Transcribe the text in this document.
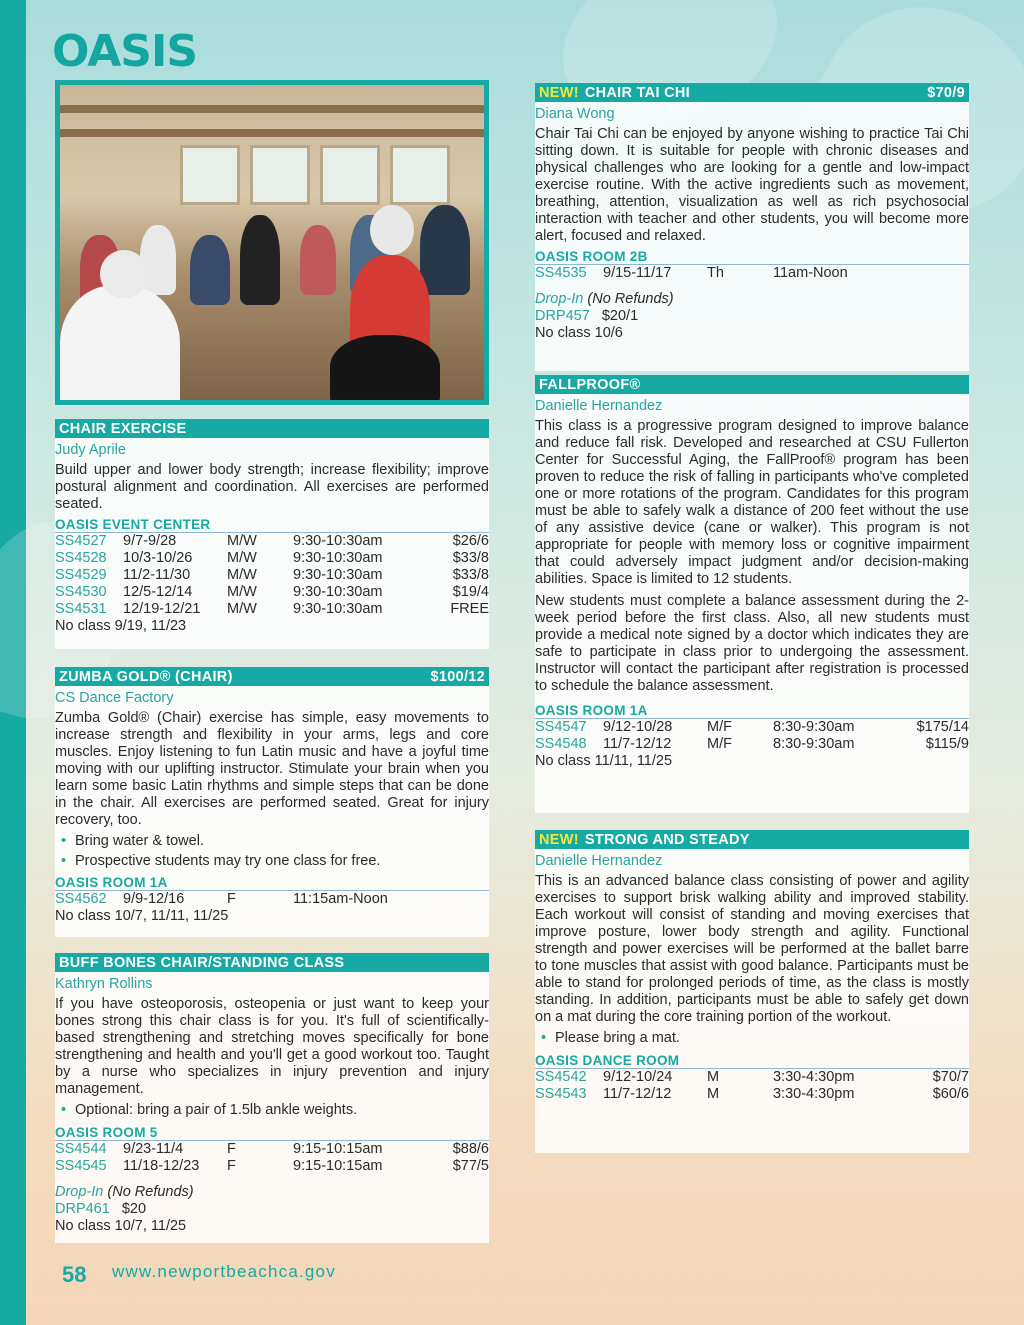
OASIS
CHAIR EXERCISE
Judy Aprile
Build upper and lower body strength; increase flexibility; improve postural alignment and coordination. All exercises are performed seated.
OASIS EVENT CENTER
SS4527 9/7-9/28	M/W 9:30-10:30am	$26/6
SS4528 10/3-10/26 M/W 9:30-10:30am	$33/8
SS4529 11/2-11/30	M/W 9:30-10:30am	$33/8
SS4530 12/5-12/14 M/W 9:30-10:30am	$19/4
SS4531 12/19-12/21 M/W 9:30-10:30am	FREE
No class 9/19, 11/23
ZUMBA GOLD® (CHAIR)	$100/12
CS Dance Factory
Zumba Gold® (Chair) exercise has simple, easy movements to increase strength and flexibility in your arms, legs and core muscles. Enjoy listening to fun Latin music and have a joyful time moving with our uplifting instructor. Stimulate your brain when you learn some basic Latin rhythms and simple steps that can be done in the chair. All exercises are performed seated. Great for injury recovery, too.
• Bring water & towel.
• Prospective students may try one class for free.
OASIS ROOM 1A
SS4562 9/9-12/16	F	11:15am-Noon
No class 10/7, 11/11, 11/25
BUFF BONES CHAIR/STANDING CLASS
Kathryn Rollins
If you have osteoporosis, osteopenia or just want to keep your bones strong this chair class is for you. It's full of scientifically-based strengthening and stretching moves specifically for bone strengthening and health and you'll get a good workout too. Taught by a nurse who specializes in injury prevention and injury management.
• Optional: bring a pair of 1.5lb ankle weights.
OASIS ROOM 5
SS4544 9/23-11/4	F	9:15-10:15am	$88/6
SS4545 11/18-12/23 F	9:15-10:15am	$77/5
Drop-In (No Refunds)
DRP461 $20
No class 10/7, 11/25
NEW! CHAIR TAI CHI	$70/9
Diana Wong
Chair Tai Chi can be enjoyed by anyone wishing to practice Tai Chi sitting down. It is suitable for people with chronic diseases and physical challenges who are looking for a gentle and low-impact exercise routine. With the active ingredients such as movement, breathing, attention, visualization as well as rich psychosocial interaction with teacher and other students, you will become more alert, focused and relaxed.
OASIS ROOM 2B
SS4535 9/15-11/17 Th	11am-Noon
Drop-In (No Refunds)
DRP457 $20/1
No class 10/6
FALLPROOF®
Danielle Hernandez
This class is a progressive program designed to improve balance and reduce fall risk. Developed and researched at CSU Fullerton Center for Successful Aging, the FallProof® program has been proven to reduce the risk of falling in participants who've completed one or more rotations of the program. Candidates for this program must be able to safely walk a distance of 200 feet without the use of any assistive device (cane or walker). This program is not appropriate for people with memory loss or cognitive impairment that could adversely impact judgment and/or decision-making abilities. Space is limited to 12 students.
New students must complete a balance assessment during the 2-week period before the first class. Also, all new students must provide a medical note signed by a doctor which indicates they are safe to participate in class prior to undergoing the assessment. Instructor will contact the participant after registration is processed to schedule the balance assessment.
OASIS ROOM 1A
SS4547 9/12-10/28 M/F	8:30-9:30am	$175/14
SS4548 11/7-12/12 M/F	8:30-9:30am	$115/9
No class 11/11, 11/25
NEW! STRONG AND STEADY
Danielle Hernandez
This is an advanced balance class consisting of power and agility exercises to support brisk walking ability and improved stability. Each workout will consist of standing and moving exercises that improve posture, lower body strength and agility. Functional strength and power exercises will be performed at the ballet barre to tone muscles that assist with good balance. Participants must be able to stand for prolonged periods of time, as the class is mostly standing. In addition, participants must be able to safely get down on a mat during the core training portion of the workout.
• Please bring a mat.
OASIS DANCE ROOM
SS4542 9/12-10/24 M	3:30-4:30pm	$70/7
SS4543 11/7-12/12 M	3:30-4:30pm	$60/6
58 www.newportbeachca.gov
